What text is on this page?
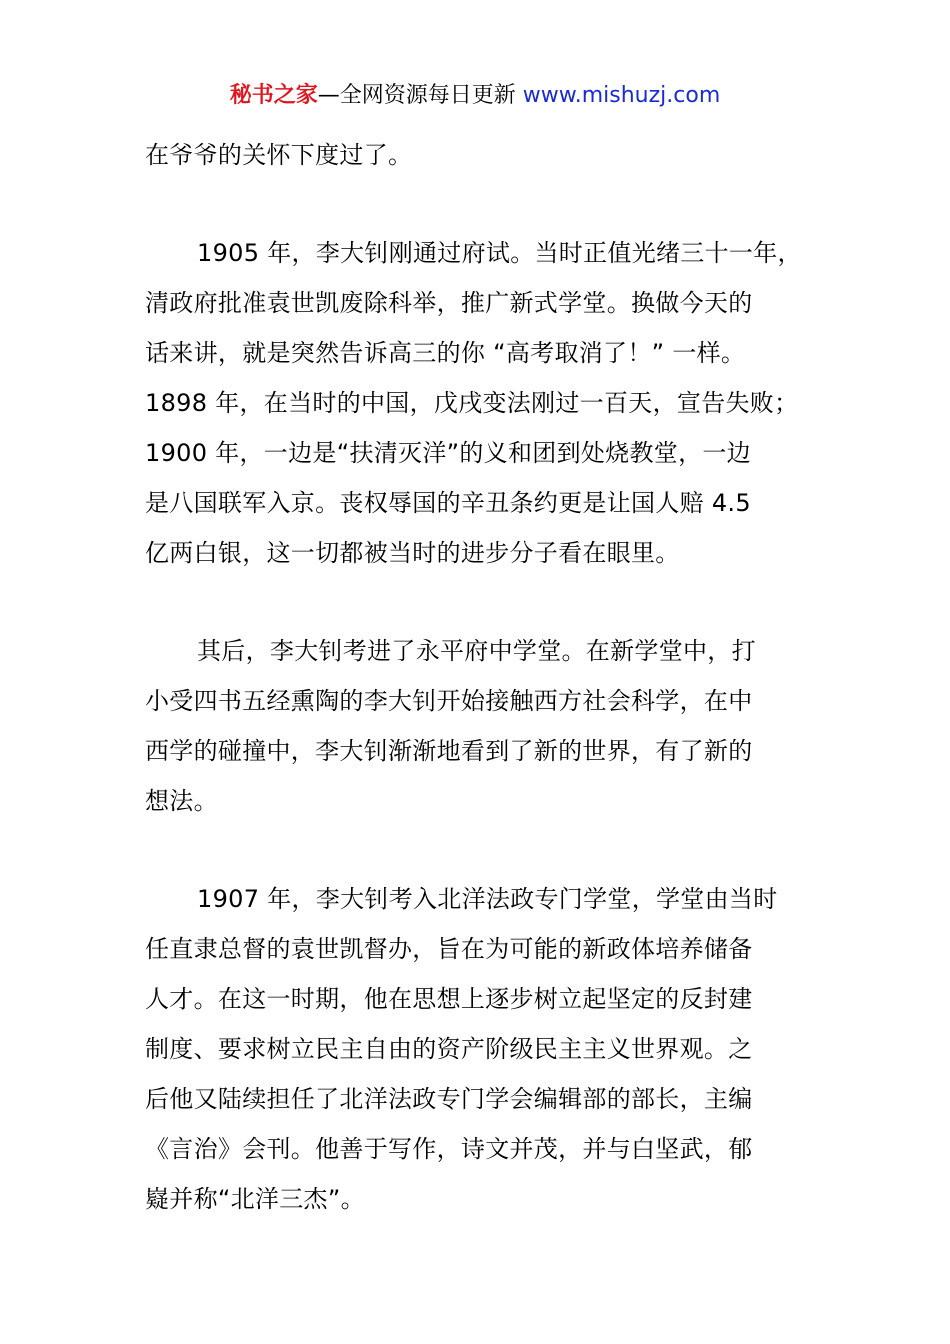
秘书之家—全网资源每日更新 www.mishuzj.com
在爷爷的关怀下度过了。
1905 年，李大钊刚通过府试。当时正值光绪三十一年，
清政府批准袁世凯废除科举，推广新式学堂。换做今天的
话来讲，就是突然告诉高三的你 “高考取消了！” 一样。
1898 年，在当时的中国，戊戌变法刚过一百天，宣告失败；
1900 年，一边是“扶清灭洋”的义和团到处烧教堂，一边
是八国联军入京。丧权辱国的辛丑条约更是让国人赔 4.5
亿两白银，这一切都被当时的进步分子看在眼里。
其后，李大钊考进了永平府中学堂。在新学堂中，打
小受四书五经熏陶的李大钊开始接触西方社会科学，在中
西学的碰撞中，李大钊渐渐地看到了新的世界，有了新的
想法。
1907 年，李大钊考入北洋法政专门学堂，学堂由当时
任直隶总督的袁世凯督办，旨在为可能的新政体培养储备
人才。在这一时期，他在思想上逐步树立起坚定的反封建
制度、要求树立民主自由的资产阶级民主主义世界观。之
后他又陆续担任了北洋法政专门学会编辑部的部长，主编
《言治》会刊。他善于写作，诗文并茂，并与白坚武，郁
嶷并称“北洋三杰”。
